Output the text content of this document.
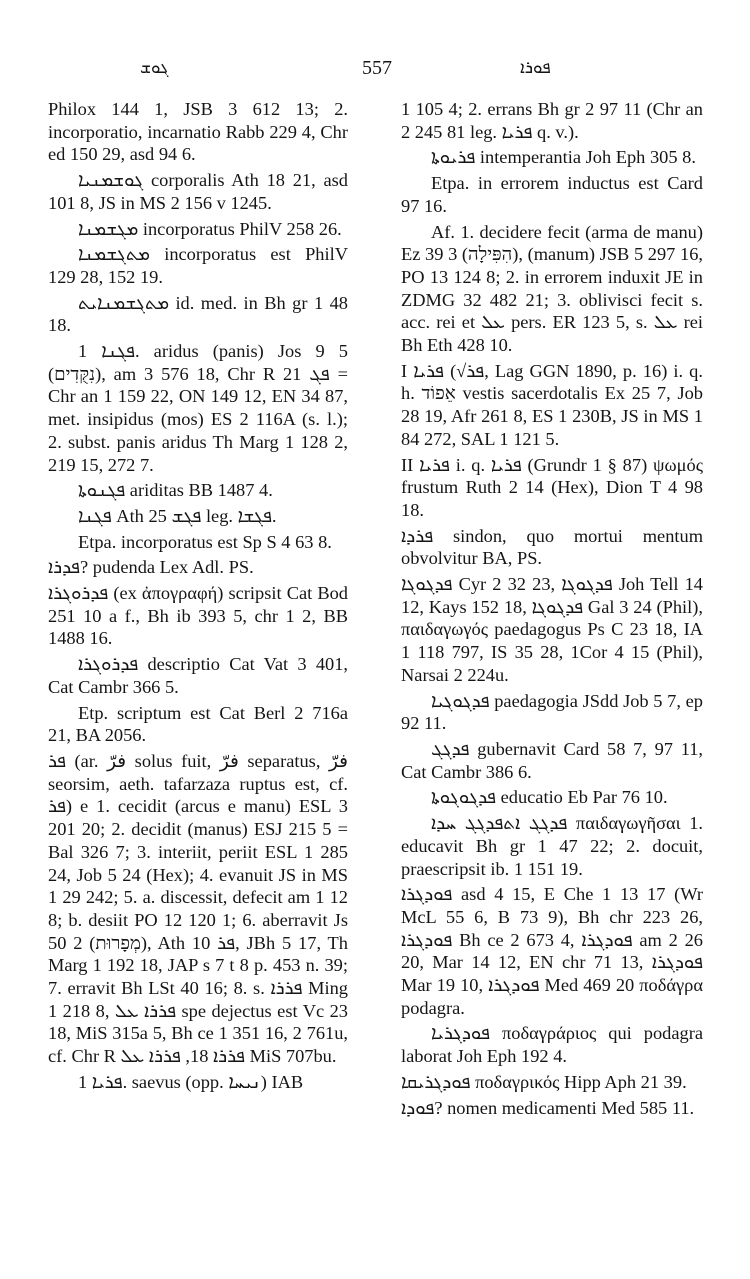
ܓܘܫ	557	ܦܘܪܐ

Philox 144 1, JSB 3 612 13; 2. incorporatio, incarnatio Rabb 229 4, Chr ed 150 29, asd 94 6.

ܓܘܫܡܢܝܐ corporalis Ath 18 21, asd 101 8, JS in MS 2 156 v 1245.

ܡܓܫܡܢܐ incorporatus PhilV 258 26.

ܡܬܓܫܡܢܐ incorporatus est PhilV 129 28, 152 19.

ܡܬܓܫܡܢܐܝܬ id. med. in Bh gr 1 48 18.

ܦܓܢܐ 1. aridus (panis) Jos 9 5 (נִקֻּדִים), am 3 576 18, Chr R ܦܓ 21 = Chr an 1 159 22, ON 149 12, EN 34 87, met. insipidus (mos) ES 2 116A (s. l.); 2. subst. panis aridus Th Marg 1 128 2, 219 15, 272 7.

ܦܓܢܘܬܐ ariditas BB 1487 4.

ܦܓܢܐ Ath ܦܓܫ 25 leg. ܦܓܫܐ.

Etpa. incorporatus est Sp S 4 63 8.

ܦܕܪܐ? pudenda Lex Adl. PS.

ܦܕܪܘܓܪܐ (ex ἀπογραφή) scripsit Cat Bod 251 10 a f., Bh ib 393 5, chr 1 2, BB 1488 16.

ܦܕܪܘܓܪܐ descriptio Cat Vat 3 401, Cat Cambr 366 5.

Etp. scriptum est Cat Berl 2 716a 21, BA 2056.

ܦܪ (ar. فرّ solus fuit, فرّ separatus, فرّ seorsim, aeth. tafarzaza ruptus est, cf. ܦܪ) e 1. cecidit (arcus e manu) ESL 3 201 20; 2. decidit (manus) ESJ 215 5 = Bal 326 7; 3. interiit, periit ESL 1 285 24, Job 5 24 (Hex); 4. evanuit JS in MS 1 29 242; 5. a. discessit, defecit am 1 12 8; b. desiit PO 12 120 1; 6. aberravit Js 50 2 (מְפָרוּת), Ath ܦܪ 10, JBh 5 17, Th Marg 1 192 18, JAP s 7 t 8 p. 453 n. 39; 7. erravit Bh LSt 40 16; 8. s. ܦܪܪܐ Ming 1 218 8, ܦܪܪܐ ܥܠ spe dejectus est Vc 23 18, MiS 315a 5, Bh ce 1 351 16, 2 761u, cf. Chr R ܦܪܪܐ 18, ܦܪܪܐ ܥܠ MiS 707bu.

ܦܪܝܐ 1. saevus (opp. ܢܝܚܐ) IAB

1 105 4; 2. errans Bh gr 2 97 11 (Chr an 2 245 81 leg. ܦܪܝܐ q. v.).

ܦܪܝܘܬܐ intemperantia Joh Eph 305 8.

Etpa. in errorem inductus est Card 97 16.

Af. 1. decidere fecit (arma de manu) Ez 39 3 (הִפִּילָה), (manum) JSB 5 297 16, PO 13 124 8; 2. in errorem induxit JE in ZDMG 32 482 21; 3. oblivisci fecit s. acc. rei et ܥܠ pers. ER 123 5, s. ܥܠ rei Bh Eth 428 10.

I ܦܪܝܐ (√ܦܪ, Lag GGN 1890, p. 16) i. q. h. אֵפוֹד vestis sacerdotalis Ex 25 7, Job 28 19, Afr 261 8, ES 1 230B, JS in MS 1 84 272, SAL 1 121 5.

II ܦܪܝܐ i. q. ܦܪܝܐ (Grundr 1 § 87) ψωμός frustum Ruth 2 14 (Hex), Dion T 4 98 18.

ܦܪܕܐ sindon, quo mortui mentum obvolvitur BA, PS.

ܦܕܓܘܓܐ Cyr 2 32 23, ܦܕܓܘܓܐ Joh Tell 14 12, Kays 152 18, ܦܕܓܘܓܐ Gal 3 24 (Phil), παιδαγωγός paedagogus Ps C 23 18, IA 1 118 797, IS 35 28, 1Cor 4 15 (Phil), Narsai 2 224u.

ܦܕܓܘܓܝܐ paedagogia JSdd Job 5 7, ep 92 11.

ܦܕܓܓ gubernavit Card 58 7, 97 11, Cat Cambr 386 6.

ܦܕܓܘܓܘܬܐ educatio Eb Par 76 10.

ܦܕܓܓ ܐܬܦܕܓܓ ܚܕܐ παιδαγωγῆσαι 1. educavit Bh gr 1 47 22; 2. docuit, praescripsit ib. 1 151 19.

ܦܘܕܓܪܐ asd 4 15, E Che 1 13 17 (Wr McL 55 6, B 73 9), Bh chr 223 26, ܦܘܕܓܪܐ Bh ce 2 673 4, ܦܘܕܓܪܐ am 2 26 20, Mar 14 12, EN chr 71 13, ܦܘܕܓܪܐ Mar 19 10, ܦܘܕܓܪܐ Med 469 20 ποδάγρα podagra.

ܦܘܕܓܪܝܐ ποδαγράριος qui podagra laborat Joh Eph 192 4.

ܦܘܕܓܪܝܩܐ ποδαγρικός Hipp Aph 21 39.

ܦܘܕܐ? nomen medicamenti Med 585 11.
